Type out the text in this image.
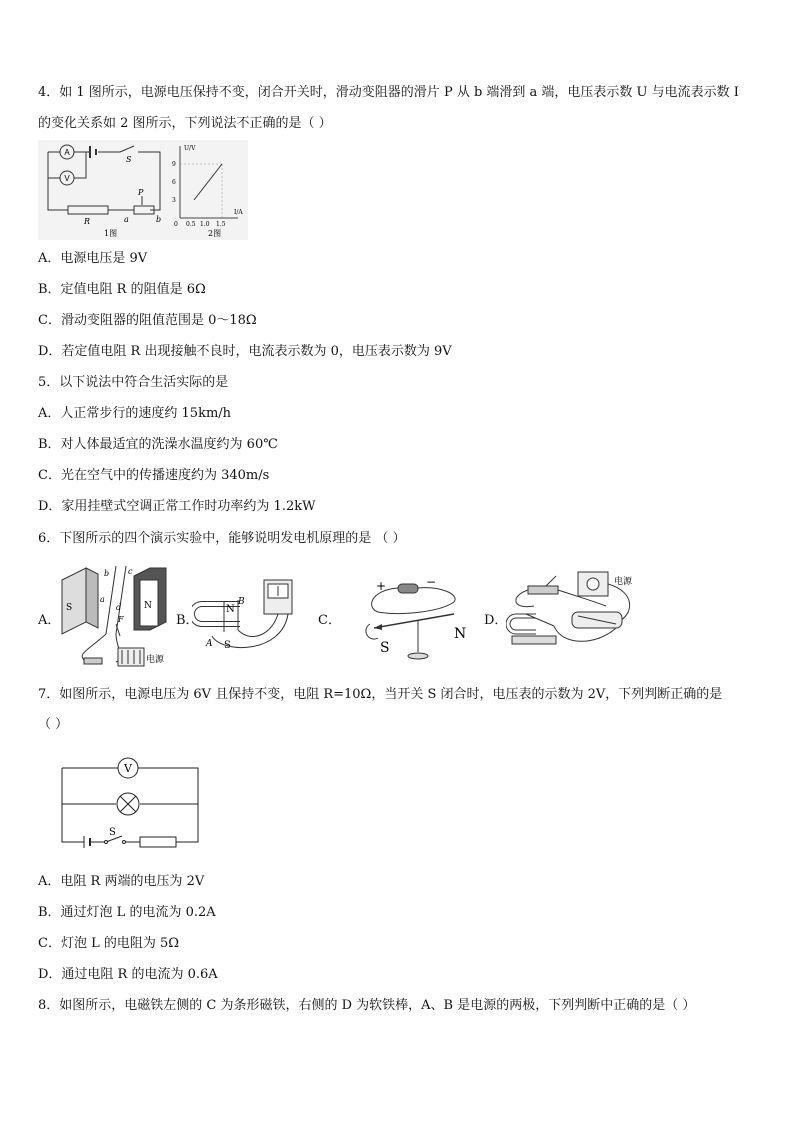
4．如 1 图所示，电源电压保持不变，闭合开关时，滑动变阻器的滑片 P 从 b 端滑到 a 端，电压表示数 U 与电流表示数 I
的变化关系如 2 图所示，下列说法不正确的是（ ）
A
V
S
R
P
a	b
1图
U/V
I/A
9
6
3
0 0.5 1.0 1.5
2图
A．电源电压是 9V
B．定值电阻 R 的阻值是 6Ω
C．滑动变阻器的阻值范围是 0～18Ω
D．若定值电阻 R 出现接触不良时，电流表示数为 0，电压表示数为 9V
5．以下说法中符合生活实际的是
A．人正常步行的速度约 15km/h
B．对人体最适宜的洗澡水温度约为 60℃
C．光在空气中的传播速度约为 340m/s
D．家用挂壁式空调正常工作时功率约为 1.2kW
6．下图所示的四个演示实验中，能够说明发电机原理的是 （ ）
A．	B．	C．	D．
S	N
b c
a
d
F
电源
N
S
A
B
+	−
S
N
电源
7．如图所示，电源电压为 6V 且保持不变，电阻 R=10Ω，当开关 S 闭合时，电压表的示数为 2V，下列判断正确的是
（ ）
V
S
A．电阻 R 两端的电压为 2V
B．通过灯泡 L 的电流为 0.2A
C．灯泡 L 的电阻为 5Ω
D．通过电阻 R 的电流为 0.6A
8．如图所示，电磁铁左侧的 C 为条形磁铁，右侧的 D 为软铁棒，A、B 是电源的两极，下列判断中正确的是（ ）
